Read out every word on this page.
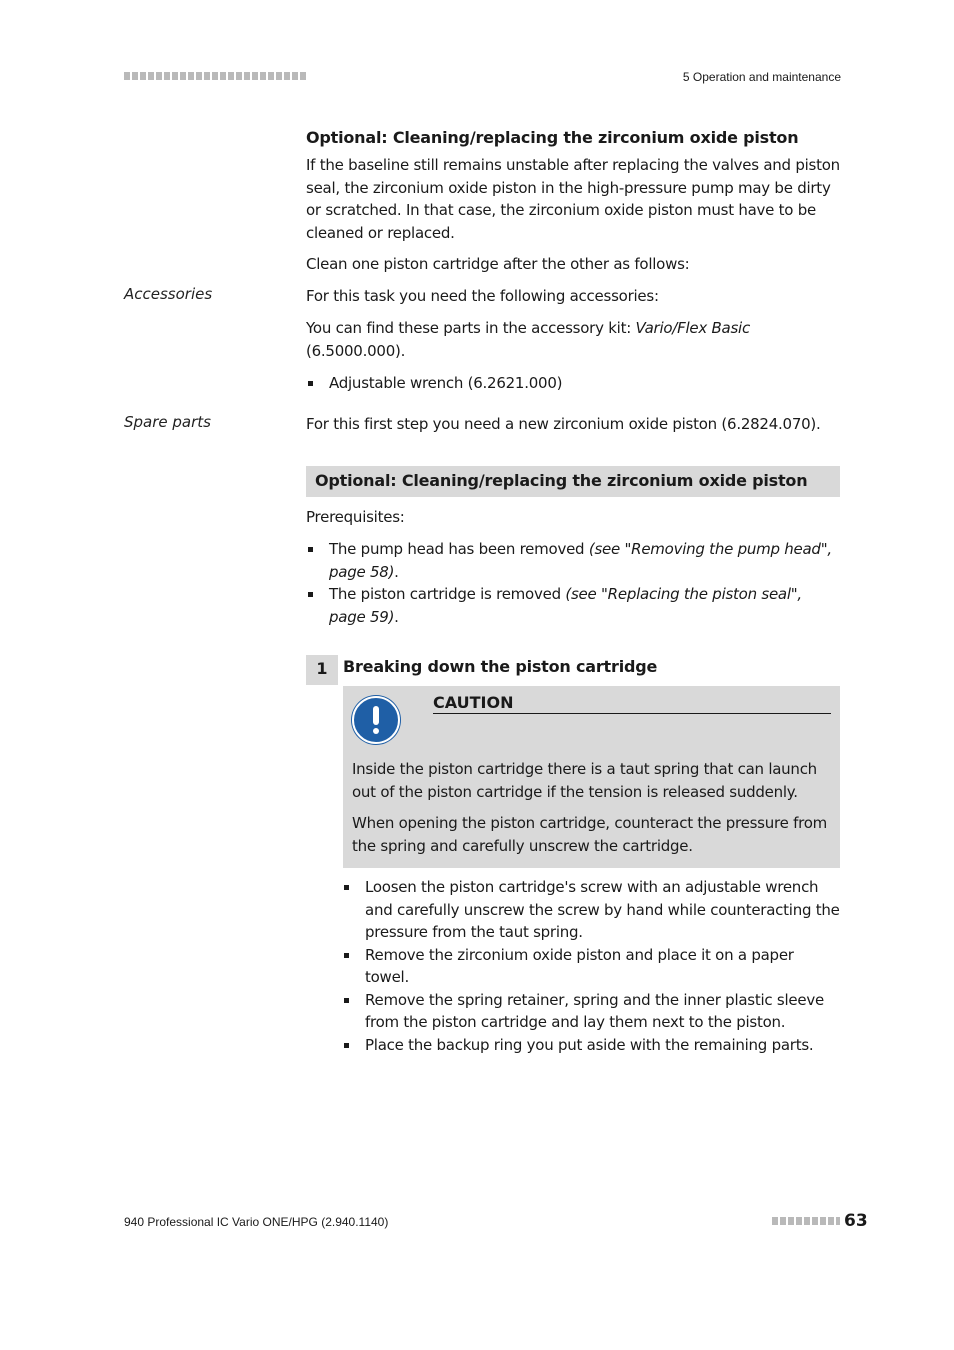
5 Operation and maintenance
Optional: Cleaning/replacing the zirconium oxide piston
If the baseline still remains unstable after replacing the valves and piston seal, the zirconium oxide piston in the high-pressure pump may be dirty or scratched. In that case, the zirconium oxide piston must have to be cleaned or replaced.
Clean one piston cartridge after the other as follows:
Accessories	For this task you need the following accessories:
You can find these parts in the accessory kit: Vario/Flex Basic
(6.5000.000).
Adjustable wrench (6.2621.000)
Spare parts	For this first step you need a new zirconium oxide piston (6.2824.070).
Optional: Cleaning/replacing the zirconium oxide piston
Prerequisites:
The pump head has been removed (see "Removing the pump head", page 58).
The piston cartridge is removed (see "Replacing the piston seal", page 59).
1 Breaking down the piston cartridge
CAUTION
Inside the piston cartridge there is a taut spring that can launch out of the piston cartridge if the tension is released suddenly.
When opening the piston cartridge, counteract the pressure from the spring and carefully unscrew the cartridge.
Loosen the piston cartridge's screw with an adjustable wrench and carefully unscrew the screw by hand while counteracting the pressure from the taut spring.
Remove the zirconium oxide piston and place it on a paper towel.
Remove the spring retainer, spring and the inner plastic sleeve from the piston cartridge and lay them next to the piston.
Place the backup ring you put aside with the remaining parts.
940 Professional IC Vario ONE/HPG (2.940.1140)	63
